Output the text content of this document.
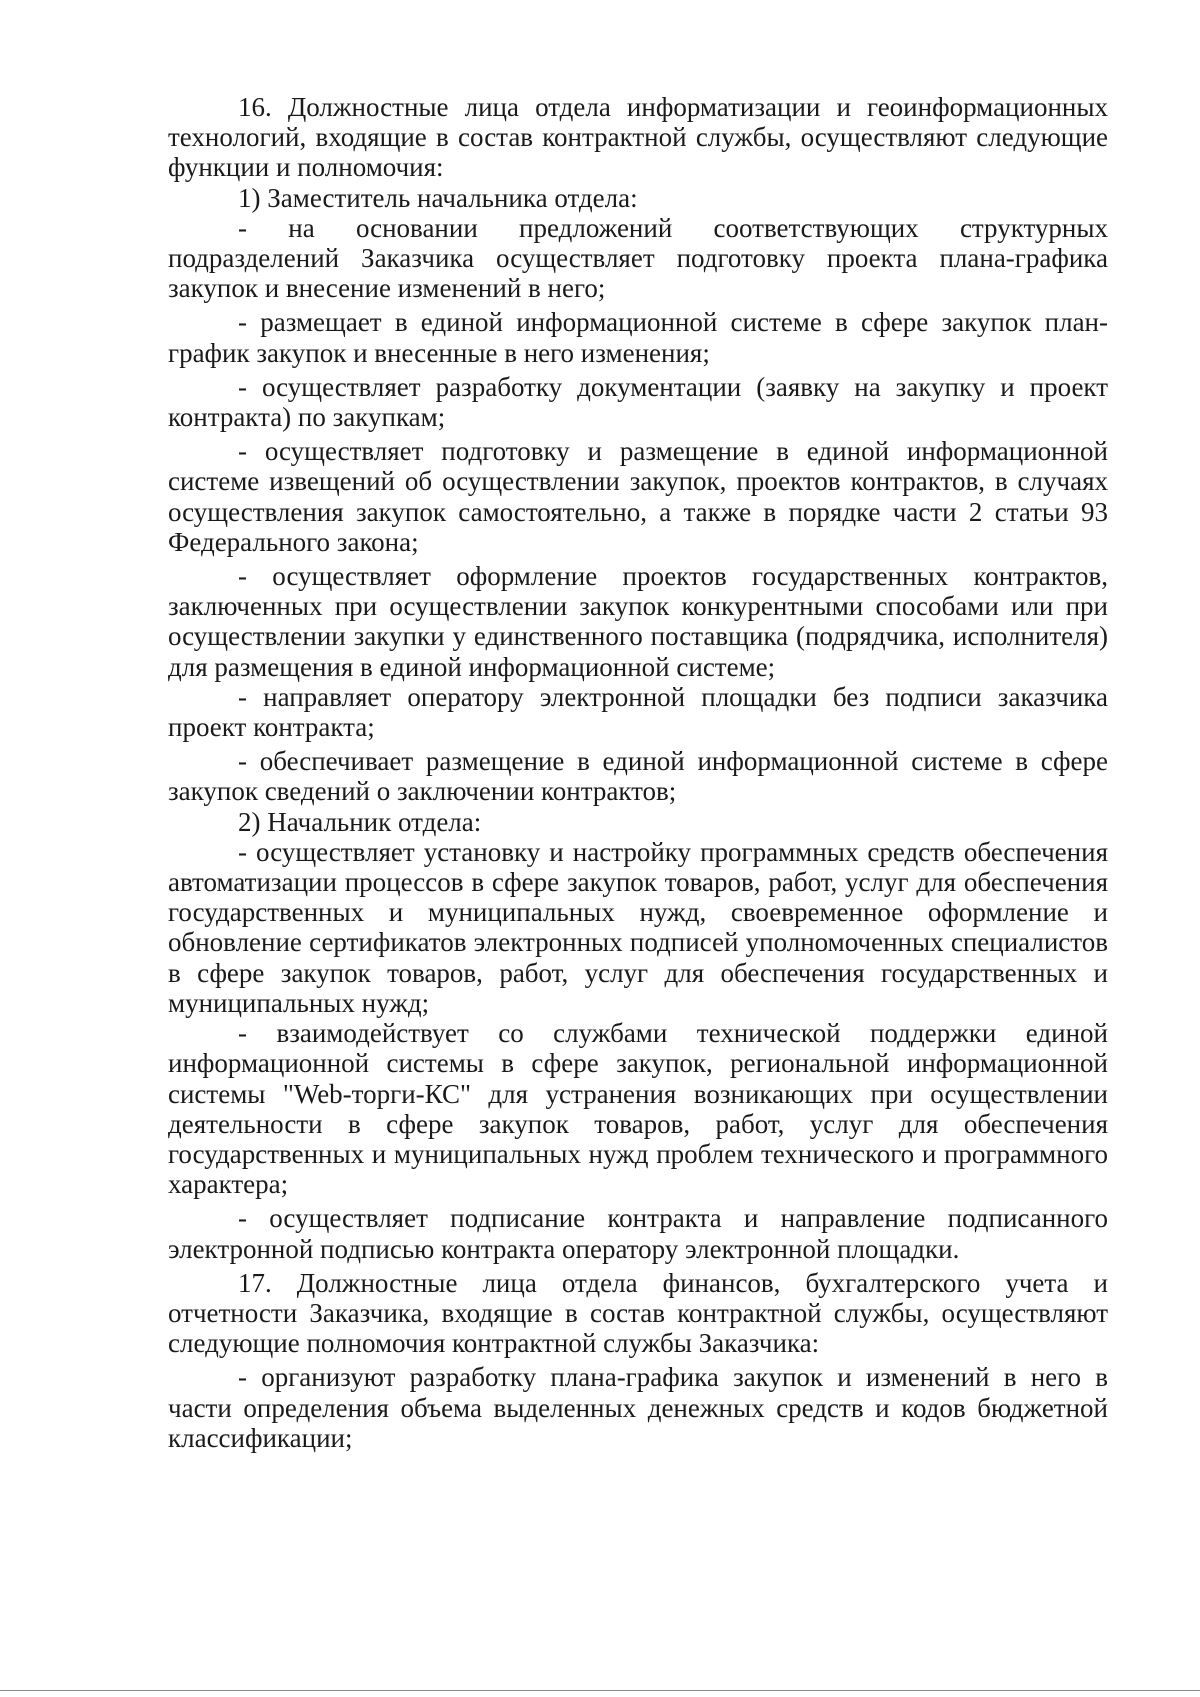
16. Должностные лица отдела информатизации и геоинформационных технологий, входящие в состав контрактной службы, осуществляют следующие функции и полномочия:

1) Заместитель начальника отдела:

- на основании предложений соответствующих структурных подразделений Заказчика осуществляет подготовку проекта плана-графика закупок и внесение изменений в него;

- размещает в единой информационной системе в сфере закупок план-график закупок и внесенные в него изменения;

- осуществляет разработку документации (заявку на закупку и проект контракта) по закупкам;

- осуществляет подготовку и размещение в единой информационной системе извещений об осуществлении закупок, проектов контрактов, в случаях осуществления закупок самостоятельно, а также в порядке части 2 статьи 93 Федерального закона;

- осуществляет оформление проектов государственных контрактов, заключенных при осуществлении закупок конкурентными способами или при осуществлении закупки у единственного поставщика (подрядчика, исполнителя) для размещения в единой информационной системе;

- направляет оператору электронной площадки без подписи заказчика проект контракта;

- обеспечивает размещение в единой информационной системе в сфере закупок сведений о заключении контрактов;

2) Начальник отдела:

- осуществляет установку и настройку программных средств обеспечения автоматизации процессов в сфере закупок товаров, работ, услуг для обеспечения государственных и муниципальных нужд, своевременное оформление и обновление сертификатов электронных подписей уполномоченных специалистов в сфере закупок товаров, работ, услуг для обеспечения государственных и муниципальных нужд;

- взаимодействует со службами технической поддержки единой информационной системы в сфере закупок, региональной информационной системы "Web-торги-КС" для устранения возникающих при осуществлении деятельности в сфере закупок товаров, работ, услуг для обеспечения государственных и муниципальных нужд проблем технического и программного характера;

- осуществляет подписание контракта и направление подписанного электронной подписью контракта оператору электронной площадки.

17. Должностные лица отдела финансов, бухгалтерского учета и отчетности Заказчика, входящие в состав контрактной службы, осуществляют следующие полномочия контрактной службы Заказчика:

- организуют разработку плана-графика закупок и изменений в него в части определения объема выделенных денежных средств и кодов бюджетной классификации;
